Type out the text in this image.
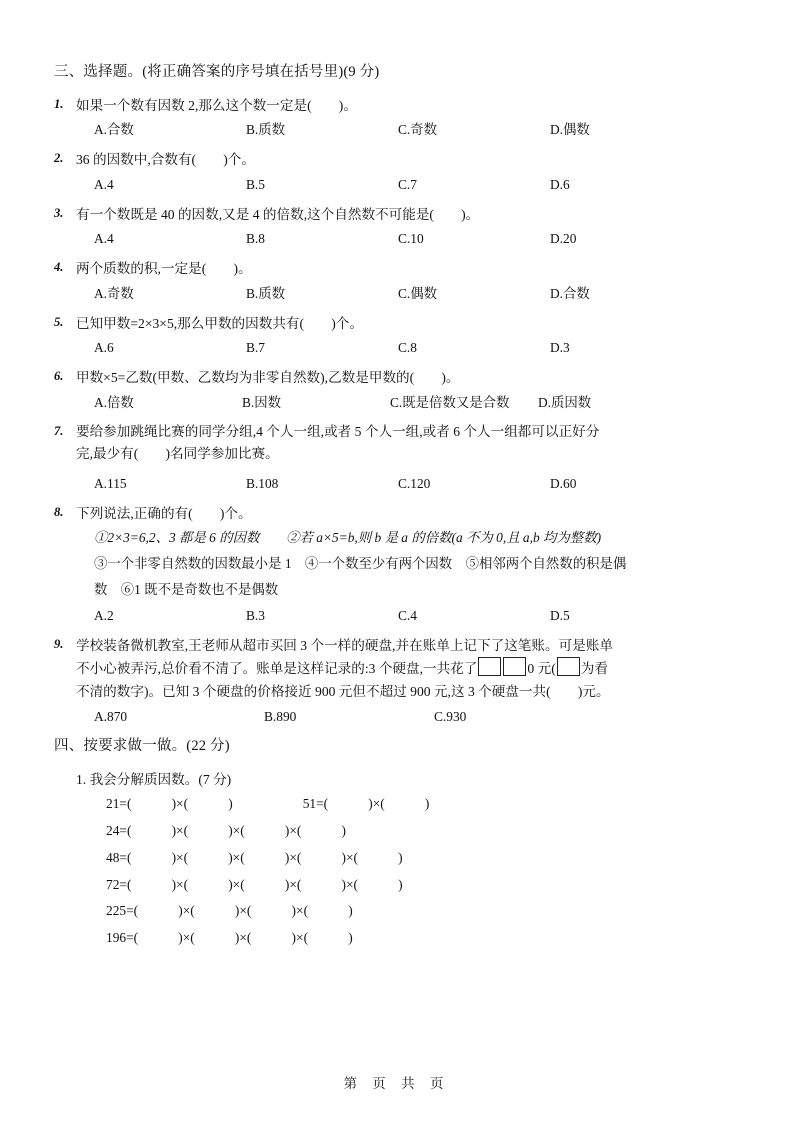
三、选择题。(将正确答案的序号填在括号里)(9 分)
1. 如果一个数有因数 2,那么这个数一定是(　　)。
A.合数	B.质数	C.奇数	D.偶数
2. 36 的因数中,合数有(　　)个。
A.4	B.5	C.7	D.6
3. 有一个数既是 40 的因数,又是 4 的倍数,这个自然数不可能是(　　)。
A.4	B.8	C.10	D.20
4. 两个质数的积,一定是(　　)。
A.奇数	B.质数	C.偶数	D.合数
5. 已知甲数=2×3×5,那么甲数的因数共有(　　)个。
A.6	B.7	C.8	D.3
6. 甲数×5=乙数(甲数、乙数均为非零自然数),乙数是甲数的(　　)。
A.倍数	B.因数	C.既是倍数又是合数	D.质因数
7. 要给参加跳绳比赛的同学分组,4 个人一组,或者 5 个人一组,或者 6 个人一组都可以正好分
完,最少有(　　)名同学参加比赛。
A.115	B.108	C.120	D.60
8. 下列说法,正确的有(　　)个。
①2×3=6,2、3 都是 6 的因数　　②若 a×5=b,则 b 是 a 的倍数(a 不为 0,且 a,b 均为整数)
③一个非零自然数的因数最小是 1　④一个数至少有两个因数　⑤相邻两个自然数的积是偶
数　⑥1 既不是奇数也不是偶数
A.2	B.3	C.4	D.5
9. 学校装备微机教室,王老师从超市买回 3 个一样的硬盘,并在账单上记下了这笔账。可是账单
不小心被弄污,总价看不清了。账单是这样记录的:3 个硬盘,一共花了	0 元( 为看
不清的数字)。已知 3 个硬盘的价格接近 900 元但不超过 900 元,这 3 个硬盘一共(　　)元。
A.870	B.890	C.930
四、按要求做一做。(22 分)
1. 我会分解质因数。(7 分)
21=(　　　)×(　　　)	51=(　　　)×(　　　)
24=(　　　)×(　　　)×(　　　)×(　　　)
48=(　　　)×(　　　)×(　　　)×(　　　)×(　　　)
72=(　　　)×(　　　)×(　　　)×(　　　)×(　　　)
225=(　　　)×(　　　)×(　　　)×(　　　)
196=(　　　)×(　　　)×(　　　)×(　　　)
第 页 共 页
